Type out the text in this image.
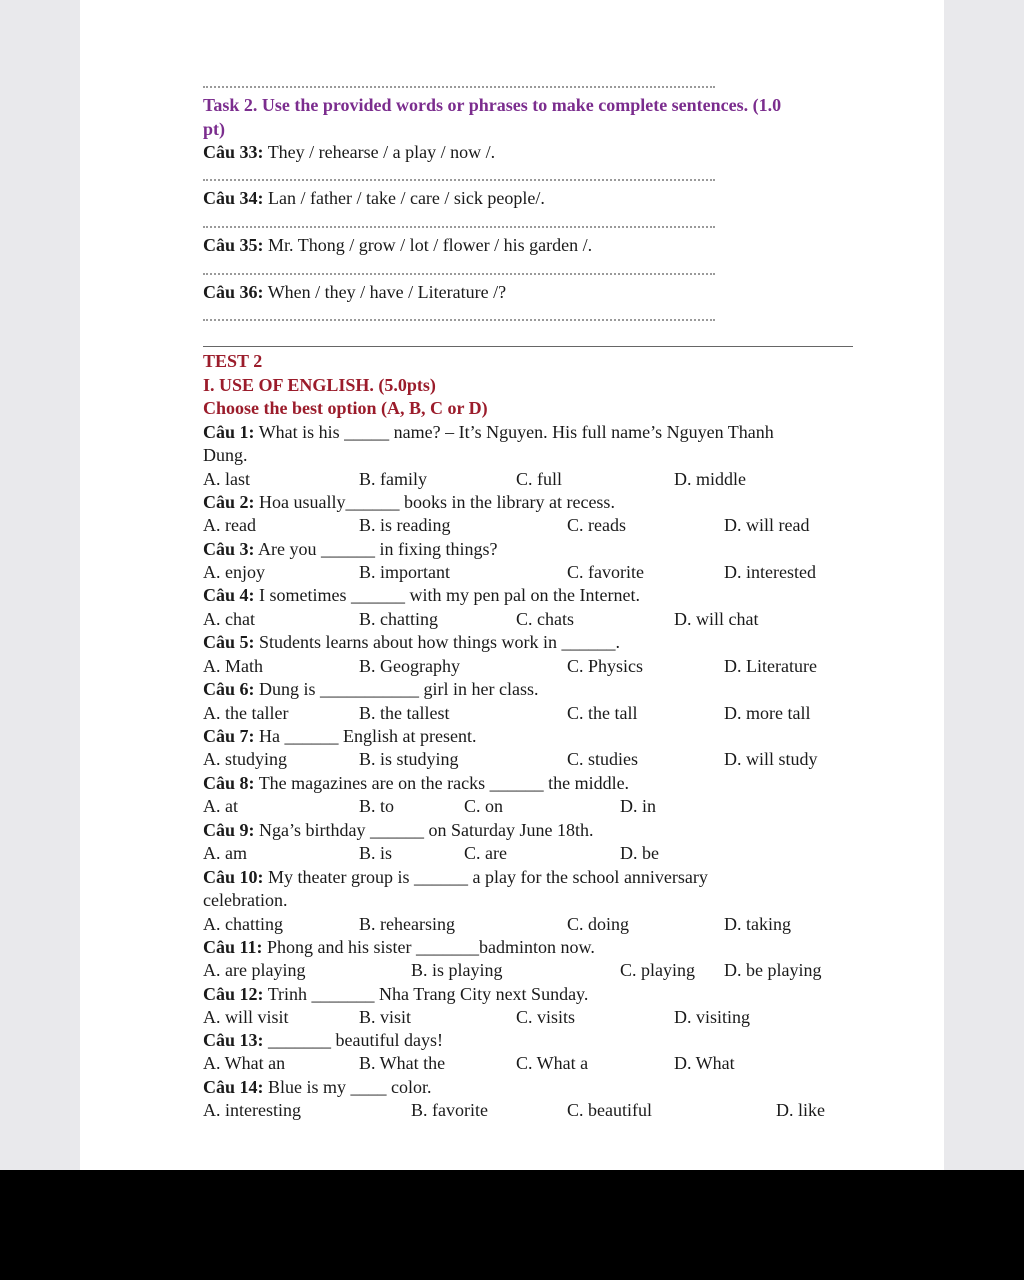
Task 2. Use the provided words or phrases to make complete sentences. (1.0
pt)
Câu 33: They / rehearse / a play / now /.
Câu 34: Lan / father / take / care / sick people/.
Câu 35: Mr. Thong / grow / lot / flower / his garden /.
Câu 36: When / they / have / Literature /?
TEST 2
I. USE OF ENGLISH. (5.0pts)
Choose the best option (A, B, C or D)
Câu 1: What is his _____ name? – It’s Nguyen. His full name’s Nguyen Thanh
Dung.
A. last	B. family	C. full	D. middle
Câu 2: Hoa usually______ books in the library at recess.
A. read	B. is reading	C. reads	D. will read
Câu 3: Are you ______ in fixing things?
A. enjoy	B. important	C. favorite	D. interested
Câu 4: I sometimes ______ with my pen pal on the Internet.
A. chat	B. chatting	C. chats	D. will chat
Câu 5: Students learns about how things work in ______.
A. Math	B. Geography	C. Physics	D. Literature
Câu 6: Dung is ___________ girl in her class.
A. the taller	B. the tallest	C. the tall	D. more tall
Câu 7: Ha ______ English at present.
A. studying	B. is studying	C. studies	D. will study
Câu 8: The magazines are on the racks ______ the middle.
A. at	B. to	C. on	D. in
Câu 9: Nga’s birthday ______ on Saturday June 18th.
A. am	B. is	C. are	D. be
Câu 10: My theater group is ______ a play for the school anniversary
celebration.
A. chatting	B. rehearsing	C. doing	D. taking
Câu 11: Phong and his sister _______badminton now.
A. are playing	B. is playing	C. playing D. be playing
Câu 12: Trinh _______ Nha Trang City next Sunday.
A. will visit	B. visit	C. visits	D. visiting
Câu 13: _______ beautiful days!
A. What an	B. What the	C. What a	D. What
Câu 14: Blue is my ____ color.
A. interesting	B. favorite	C. beautiful	D. like
